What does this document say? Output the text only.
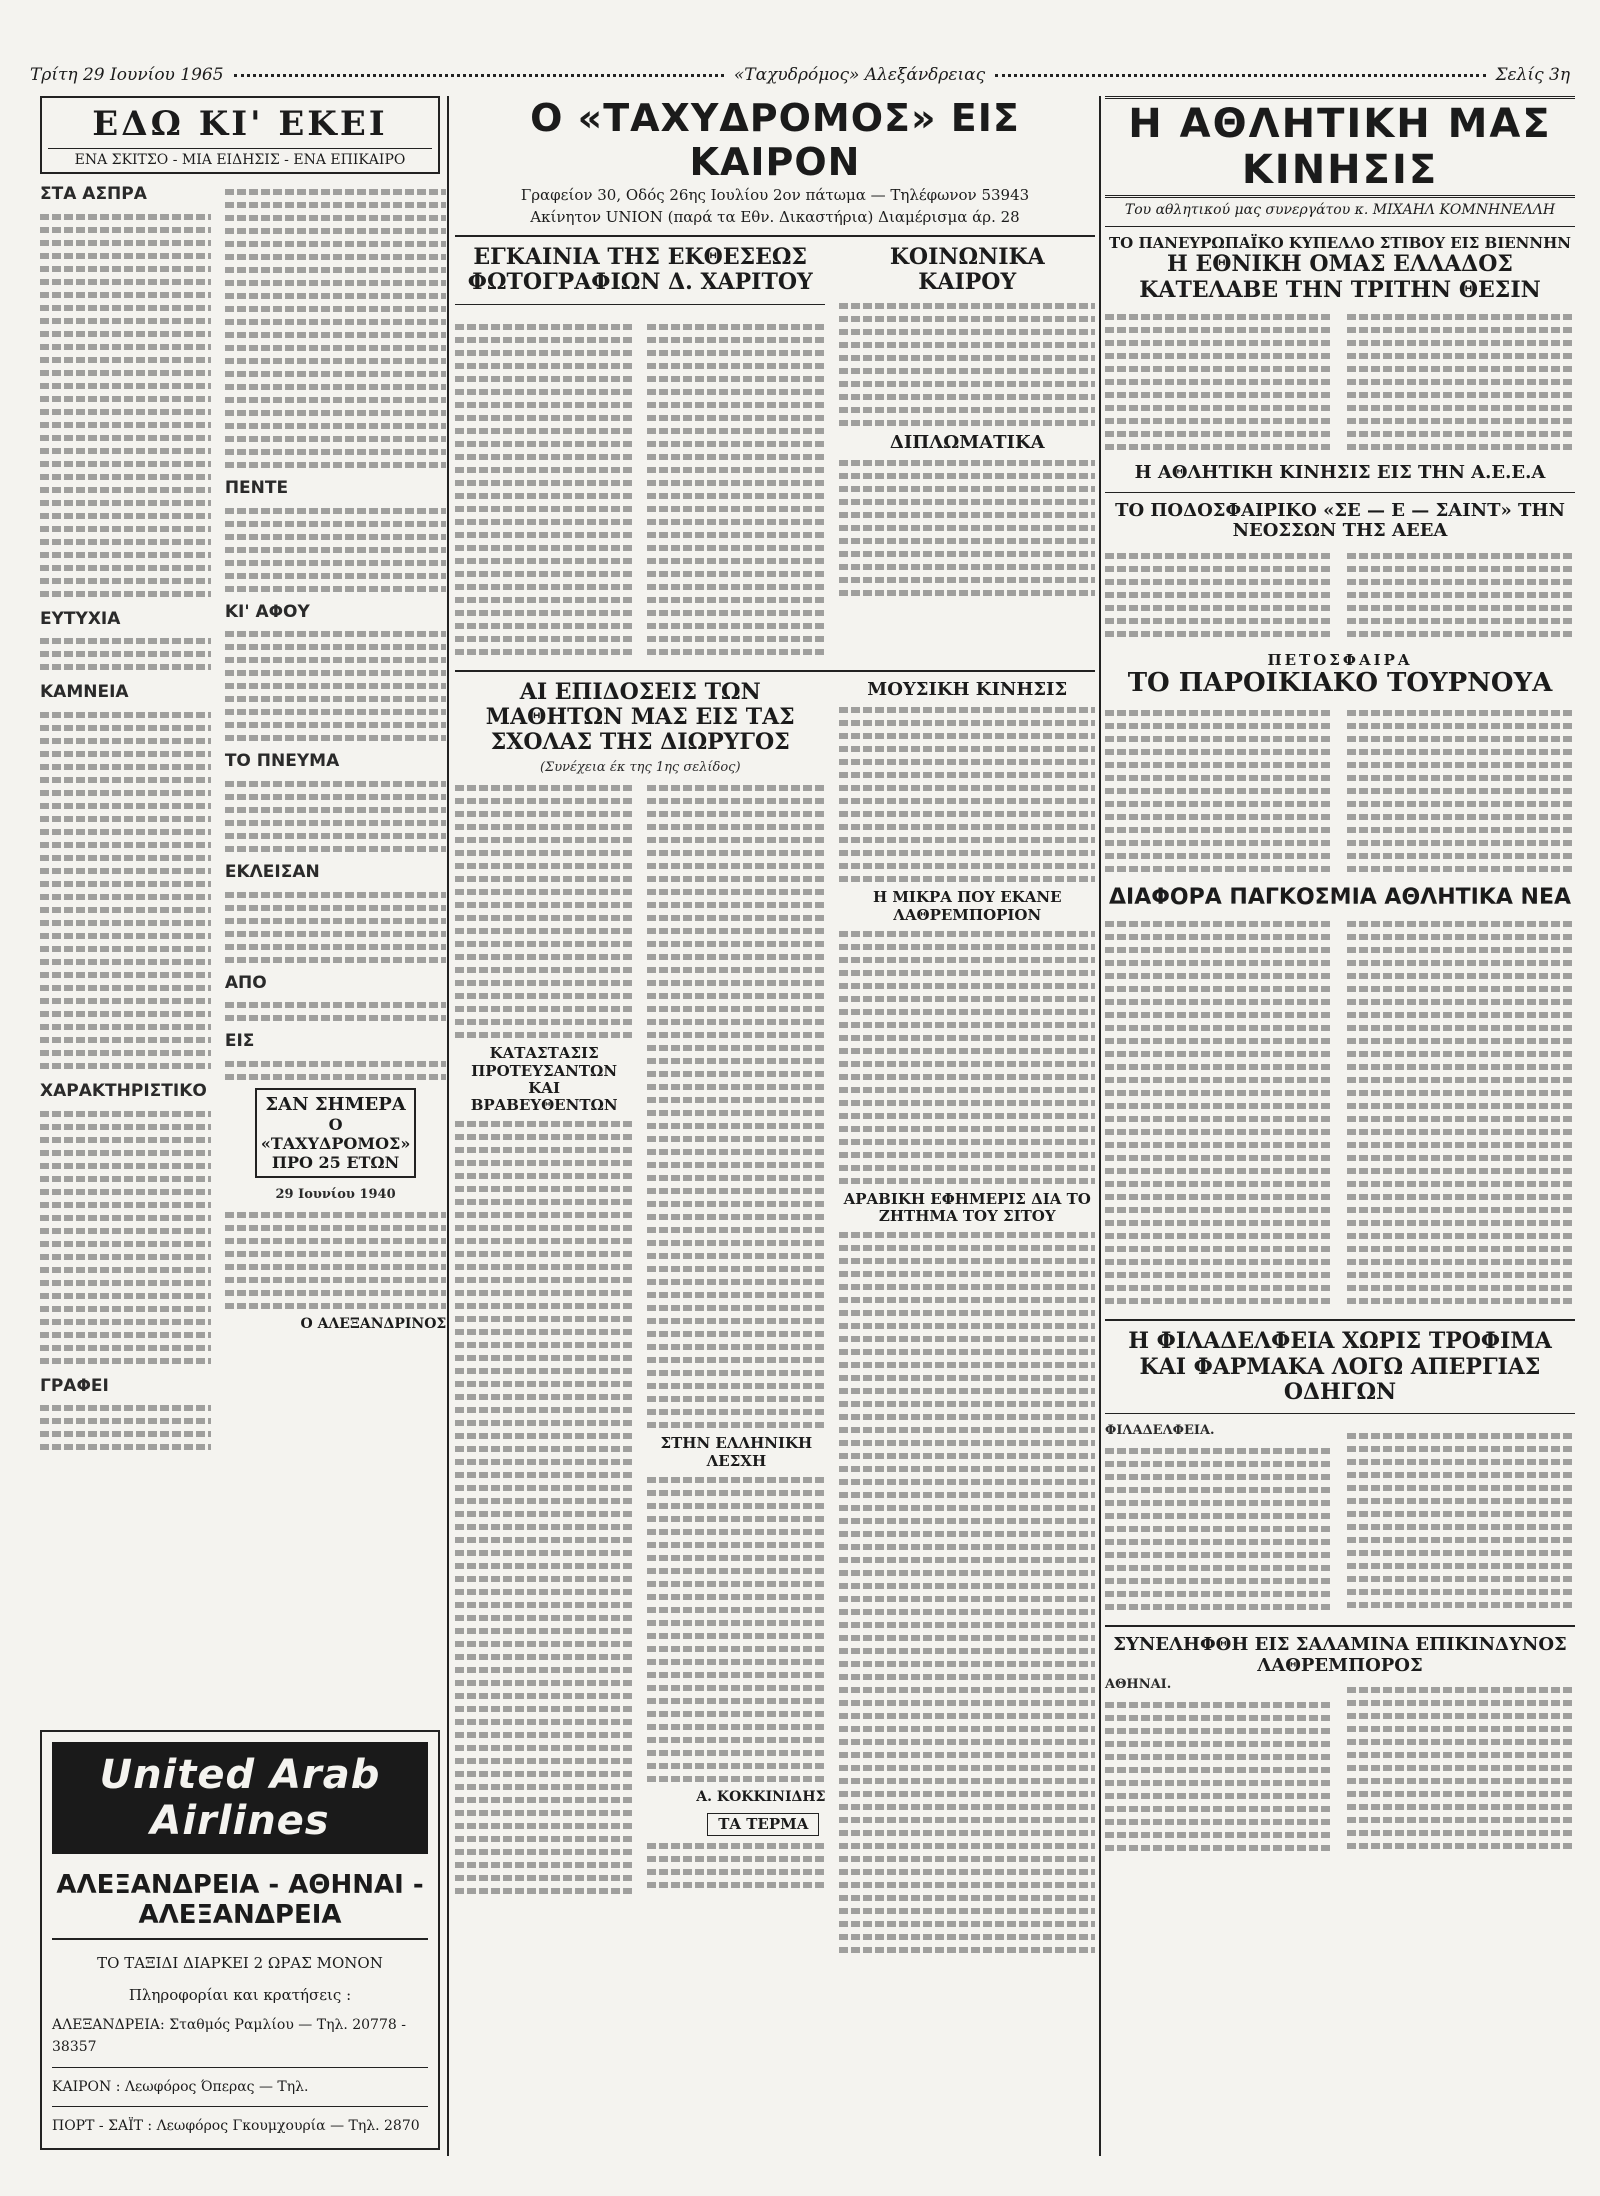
Τρίτη 29 Ιουνίου 1965	«Ταχυδρόμος» Αλεξάνδρειας	Σελίς 3η
ΕΔΩ ΚΙ' ΕΚΕΙ
ΕΝΑ ΣΚΙΤΣΟ - ΜΙΑ ΕΙΔΗΣΙΣ - ΕΝΑ ΕΠΙΚΑΙΡΟ
ΣΤΑ ΑΣΠΡΑ
ΕΥΤΥΧΙΑ
ΚΑΜΝΕΙΑ
ΧΑΡΑΚΤΗΡΙΣΤΙΚΟ
ΓΡΑΦΕΙ
ΠΕΝΤΕ
ΚΙ' ΑΦΟΥ
ΤΟ ΠΝΕΥΜΑ
ΕΚΛΕΙΣΑΝ
ΑΠΟ
ΕΙΣ
ΣΑΝ ΣΗΜΕΡΑ
Ο «ΤΑΧΥΔΡΟΜΟΣ» ΠΡΟ 25 ΕΤΩΝ
29 Ιουνίου 1940
Ο ΑΛΕΞΑΝΔΡΙΝΟΣ
United Arab Airlines
ΑΛΕΞΑΝΔΡΕΙΑ - ΑΘΗΝΑΙ - ΑΛΕΞΑΝΔΡΕΙΑ
ΤΟ ΤΑΞΙΔΙ ΔΙΑΡΚΕΙ 2 ΩΡΑΣ ΜΟΝΟΝ
Πληροφορίαι και κρατήσεις :
ΑΛΕΞΑΝΔΡΕΙΑ: Σταθμός Ραμλίου — Τηλ. 20778 - 38357
ΚΑΙΡΟΝ : Λεωφόρος Όπερας — Τηλ.
ΠΟΡΤ - ΣΑΪΤ : Λεωφόρος Γκουμχουρία — Τηλ. 2870
Ο «ΤΑΧΥΔΡΟΜΟΣ» ΕΙΣ ΚΑΙΡΟΝ
Γραφείον 30, Οδός 26ης Ιουλίου 2ον πάτωμα — Τηλέφωνον 53943
Ακίνητον UNION (παρά τα Εθν. Δικαστήρια) Διαμέρισμα άρ. 28
ΕΓΚΑΙΝΙΑ ΤΗΣ ΕΚΘΕΣΕΩΣ ΦΩΤΟΓΡΑΦΙΩΝ Δ. ΧΑΡΙΤΟΥ
ΚΟΙΝΩΝΙΚΑ ΚΑΙΡΟΥ
ΔΙΠΛΩΜΑΤΙΚΑ
ΑΙ ΕΠΙΔΟΣΕΙΣ ΤΩΝ ΜΑΘΗΤΩΝ ΜΑΣ ΕΙΣ ΤΑΣ ΣΧΟΛΑΣ ΤΗΣ ΔΙΩΡΥΓΟΣ
(Συνέχεια έκ της 1ης σελίδος)
ΚΑΤΑΣΤΑΣΙΣ ΠΡΟΤΕΥΣΑΝΤΩΝ ΚΑΙ ΒΡΑΒΕΥΘΕΝΤΩΝ
ΣΤΗΝ ΕΛΛΗΝΙΚΗ ΛΕΣΧΗ
Α. ΚΟΚΚΙΝΙΔΗΣ
ΤΑ ΤΕΡΜΑ
ΜΟΥΣΙΚΗ ΚΙΝΗΣΙΣ
Η ΜΙΚΡΑ ΠΟΥ ΕΚΑΝΕ ΛΑΘΡΕΜΠΟΡΙΟΝ
ΑΡΑΒΙΚΗ ΕΦΗΜΕΡΙΣ ΔΙΑ ΤΟ ΖΗΤΗΜΑ ΤΟΥ ΣΙΤΟΥ
Η ΑΘΛΗΤΙΚΗ ΜΑΣ ΚΙΝΗΣΙΣ
Του αθλητικού μας συνεργάτου κ. ΜΙΧΑΗΛ ΚΟΜΝΗΝΕΛΛΗ
ΤΟ ΠΑΝΕΥΡΩΠΑΪΚΟ ΚΥΠΕΛΛΟ ΣΤΙΒΟΥ ΕΙΣ ΒΙΕΝΝΗΝ
Η ΕΘΝΙΚΗ ΟΜΑΣ ΕΛΛΑΔΟΣ ΚΑΤΕΛΑΒΕ ΤΗΝ ΤΡΙΤΗΝ ΘΕΣΙΝ
Η ΑΘΛΗΤΙΚΗ ΚΙΝΗΣΙΣ ΕΙΣ ΤΗΝ Α.Ε.Ε.Α
ΤΟ ΠΟΔΟΣΦΑΙΡΙΚΟ «ΣΕ — Ε — ΣΑΙΝΤ» ΤΗΝ ΝΕΟΣΣΩΝ ΤΗΣ ΑΕΕΑ
ΠΕΤΟΣΦΑΙΡΑ
ΤΟ ΠΑΡΟΙΚΙΑΚΟ ΤΟΥΡΝΟΥΑ
ΔΙΑΦΟΡΑ ΠΑΓΚΟΣΜΙΑ ΑΘΛΗΤΙΚΑ ΝΕΑ
Η ΦΙΛΑΔΕΛΦΕΙΑ ΧΩΡΙΣ ΤΡΟΦΙΜΑ ΚΑΙ ΦΑΡΜΑΚΑ ΛΟΓΩ ΑΠΕΡΓΙΑΣ ΟΔΗΓΩΝ
ΦΙΛΑΔΕΛΦΕΙΑ.
ΣΥΝΕΛΗΦΘΗ ΕΙΣ ΣΑΛΑΜΙΝΑ ΕΠΙΚΙΝΔΥΝΟΣ ΛΑΘΡΕΜΠΟΡΟΣ
ΑΘΗΝΑΙ.
